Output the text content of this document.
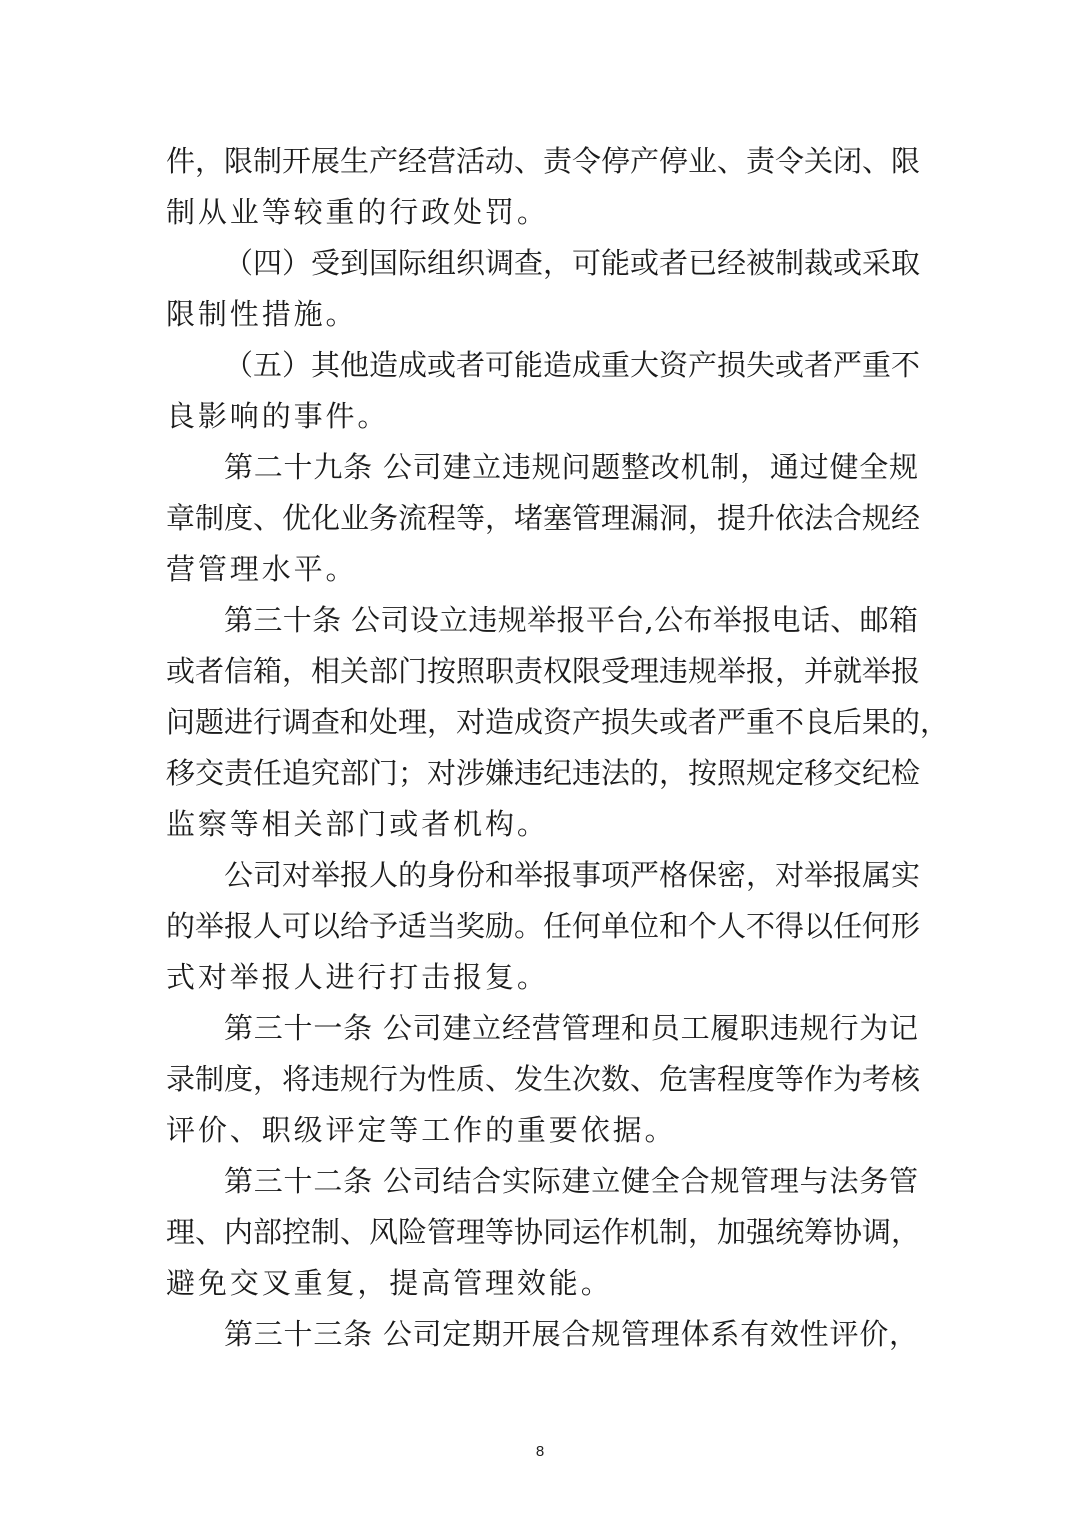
件，限制开展生产经营活动、责令停产停业、责令关闭、限
制从业等较重的行政处罚。
（四）受到国际组织调查，可能或者已经被制裁或采取
限制性措施。
（五）其他造成或者可能造成重大资产损失或者严重不
良影响的事件。
第二十九条 公司建立违规问题整改机制，通过健全规
章制度、优化业务流程等，堵塞管理漏洞，提升依法合规经
营管理水平。
第三十条 公司设立违规举报平台,公布举报电话、邮箱
或者信箱，相关部门按照职责权限受理违规举报，并就举报
问题进行调查和处理，对造成资产损失或者严重不良后果的，
移交责任追究部门；对涉嫌违纪违法的，按照规定移交纪检
监察等相关部门或者机构。
公司对举报人的身份和举报事项严格保密，对举报属实
的举报人可以给予适当奖励。任何单位和个人不得以任何形
式对举报人进行打击报复。
第三十一条 公司建立经营管理和员工履职违规行为记
录制度，将违规行为性质、发生次数、危害程度等作为考核
评价、职级评定等工作的重要依据。
第三十二条 公司结合实际建立健全合规管理与法务管
理、内部控制、风险管理等协同运作机制，加强统筹协调，
避免交叉重复，提高管理效能。
第三十三条 公司定期开展合规管理体系有效性评价，
8
